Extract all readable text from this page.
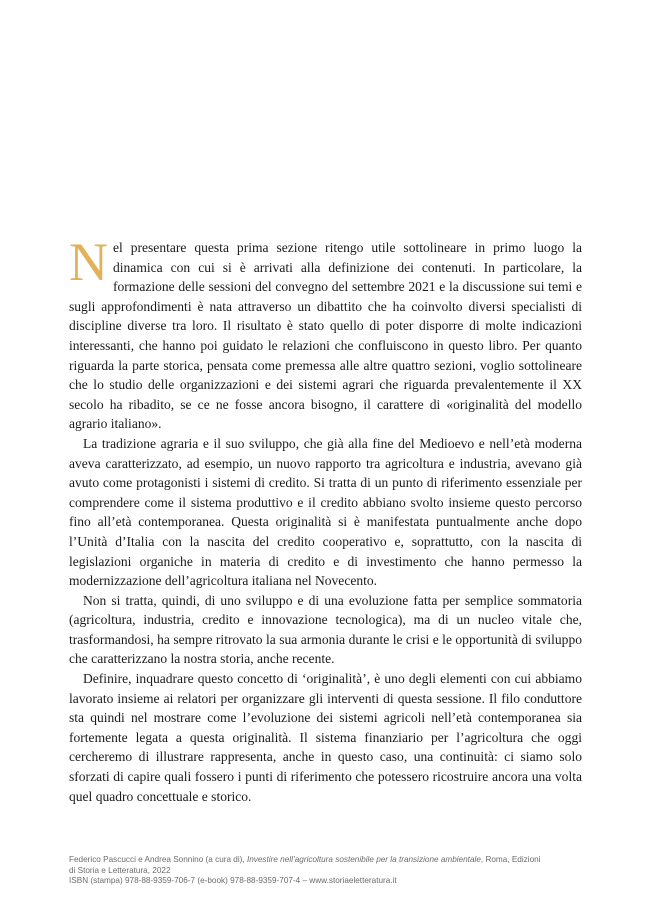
Nel presentare questa prima sezione ritengo utile sottolineare in primo luogo la dinamica con cui si è arrivati alla definizione dei contenuti. In particolare, la formazione delle sessioni del convegno del settembre 2021 e la discussione sui temi e sugli approfondimenti è nata attraverso un dibattito che ha coinvolto diversi specialisti di discipline diverse tra loro. Il risultato è stato quello di poter disporre di molte indicazioni interessanti, che hanno poi guidato le relazioni che confluiscono in questo libro. Per quanto riguarda la parte storica, pensata come premessa alle altre quattro sezioni, voglio sottolineare che lo studio delle organizzazioni e dei sistemi agrari che riguarda prevalentemente il XX secolo ha ribadito, se ce ne fosse ancora bisogno, il carattere di «originalità del modello agrario italiano».

La tradizione agraria e il suo sviluppo, che già alla fine del Medioevo e nell’età moderna aveva caratterizzato, ad esempio, un nuovo rapporto tra agricoltura e industria, avevano già avuto come protagonisti i sistemi di credito. Si tratta di un punto di riferimento essenziale per comprendere come il sistema produttivo e il credito abbiano svolto insieme questo percorso fino all’età contemporanea. Questa originalità si è manifestata puntualmente anche dopo l’Unità d’Italia con la nascita del credito cooperativo e, soprattutto, con la nascita di legislazioni organiche in materia di credito e di investimento che hanno permesso la modernizzazione dell’agricoltura italiana nel Novecento.

Non si tratta, quindi, di uno sviluppo e di una evoluzione fatta per semplice sommatoria (agricoltura, industria, credito e innovazione tecnologica), ma di un nucleo vitale che, trasformandosi, ha sempre ritrovato la sua armonia durante le crisi e le opportunità di sviluppo che caratterizzano la nostra storia, anche recente.

Definire, inquadrare questo concetto di ‘originalità’, è uno degli elementi con cui abbiamo lavorato insieme ai relatori per organizzare gli interventi di questa sessione. Il filo conduttore sta quindi nel mostrare come l’evoluzione dei sistemi agricoli nell’età contemporanea sia fortemente legata a questa originalità. Il sistema finanziario per l’agricoltura che oggi cercheremo di illustrare rappresenta, anche in questo caso, una continuità: ci siamo solo sforzati di capire quali fossero i punti di riferimento che potessero ricostruire ancora una volta quel quadro concettuale e storico.

Federico Pascucci e Andrea Sonnino (a cura di), Investire nell’agricoltura sostenibile per la transizione ambientale, Roma, Edizioni
di Storia e Letteratura, 2022
ISBN (stampa) 978-88-9359-706-7 (e-book) 978-88-9359-707-4 – www.storiaeletteratura.it
